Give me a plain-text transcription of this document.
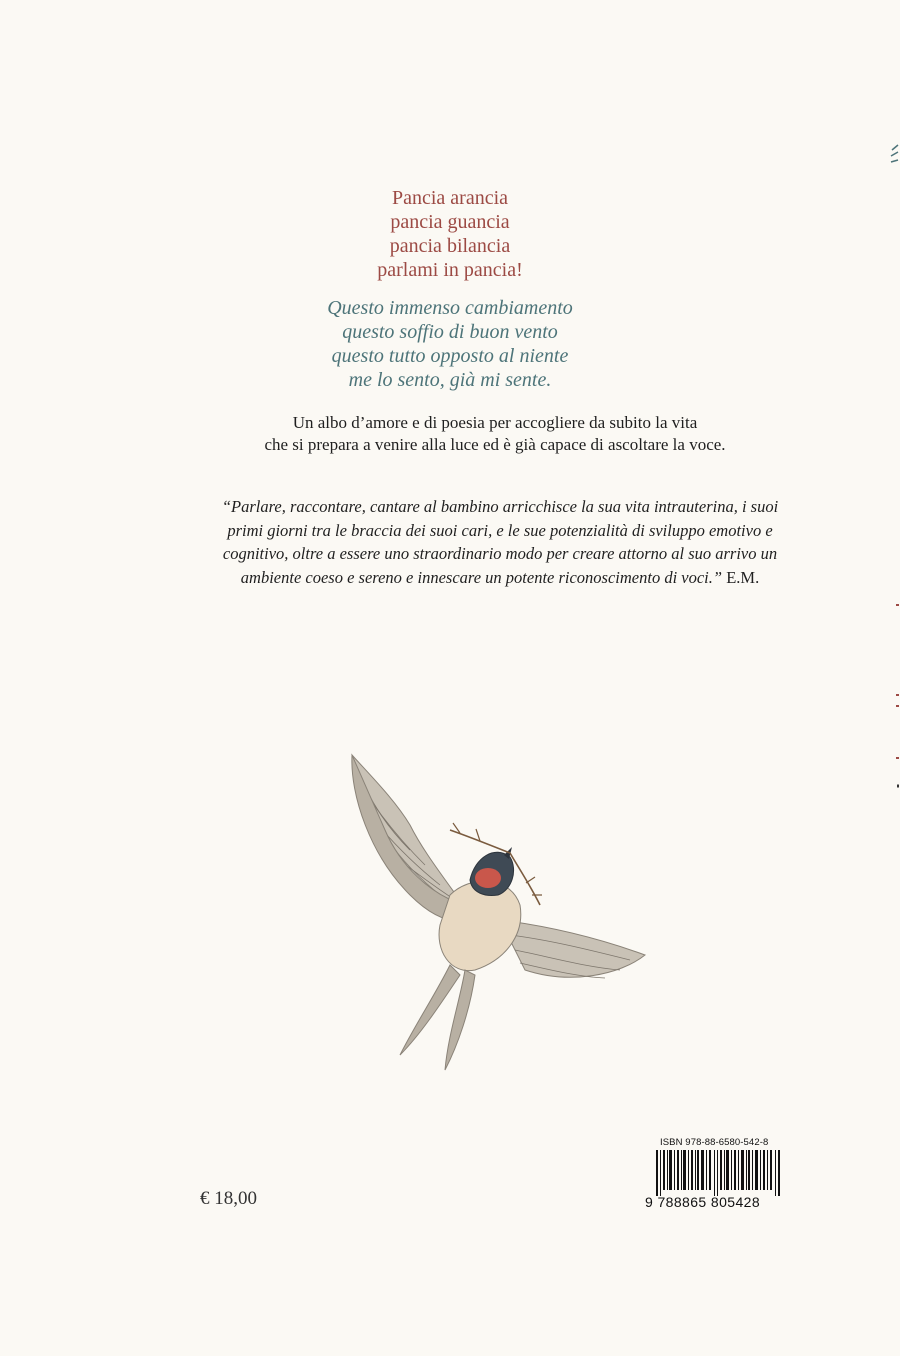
Pancia arancia
pancia guancia
pancia bilancia
parlami in pancia!
Questo immenso cambiamento
questo soffio di buon vento
questo tutto opposto al niente
me lo sento, già mi sente.
Un albo d’amore e di poesia per accogliere da subito la vita
che si prepara a venire alla luce ed è già capace di ascoltare la voce.
“Parlare, raccontare, cantare al bambino arricchisce la sua vita intrauterina, i suoi
primi giorni tra le braccia dei suoi cari, e le sue potenzialità di sviluppo emotivo e
cognitivo, oltre a essere uno straordinario modo per creare attorno al suo arrivo un
ambiente coeso e sereno e innescare un potente riconoscimento di voci.” E.M.
ISBN 978-88-6580-542-8
9 788865 805428
€ 18,00
